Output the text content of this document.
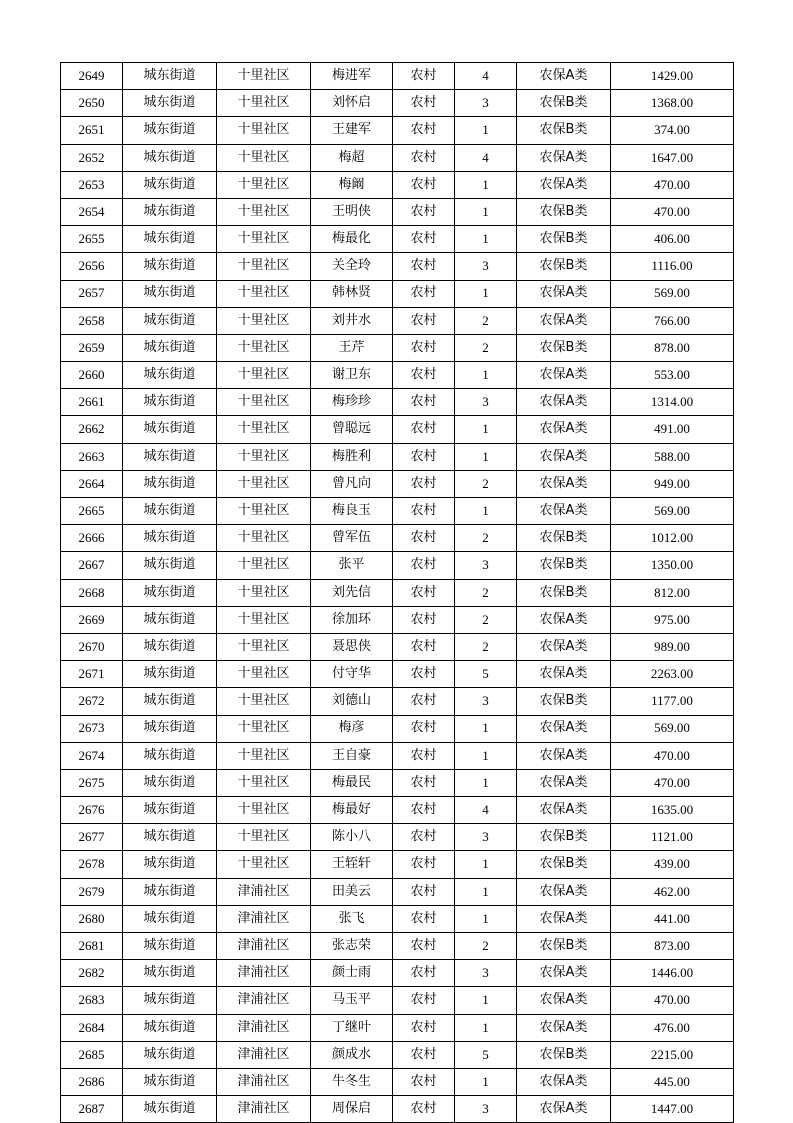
2649	城东街道	十里社区	梅进军	农村	4	农保A类	1429.00
2650	城东街道	十里社区	刘怀启	农村	3	农保B类	1368.00
2651	城东街道	十里社区	王建军	农村	1	农保B类	374.00
2652	城东街道	十里社区	梅超	农村	4	农保A类	1647.00
2653	城东街道	十里社区	梅阚	农村	1	农保A类	470.00
2654	城东街道	十里社区	王明侠	农村	1	农保B类	470.00
2655	城东街道	十里社区	梅最化	农村	1	农保B类	406.00
2656	城东街道	十里社区	关全玲	农村	3	农保B类	1116.00
2657	城东街道	十里社区	韩林贤	农村	1	农保A类	569.00
2658	城东街道	十里社区	刘井水	农村	2	农保A类	766.00
2659	城东街道	十里社区	王芹	农村	2	农保B类	878.00
2660	城东街道	十里社区	谢卫东	农村	1	农保A类	553.00
2661	城东街道	十里社区	梅珍珍	农村	3	农保A类	1314.00
2662	城东街道	十里社区	曾聪远	农村	1	农保A类	491.00
2663	城东街道	十里社区	梅胜利	农村	1	农保A类	588.00
2664	城东街道	十里社区	曾凡向	农村	2	农保A类	949.00
2665	城东街道	十里社区	梅良玉	农村	1	农保A类	569.00
2666	城东街道	十里社区	曾军伍	农村	2	农保B类	1012.00
2667	城东街道	十里社区	张平	农村	3	农保B类	1350.00
2668	城东街道	十里社区	刘先信	农村	2	农保B类	812.00
2669	城东街道	十里社区	徐加环	农村	2	农保A类	975.00
2670	城东街道	十里社区	聂思侠	农村	2	农保A类	989.00
2671	城东街道	十里社区	付守华	农村	5	农保A类	2263.00
2672	城东街道	十里社区	刘德山	农村	3	农保B类	1177.00
2673	城东街道	十里社区	梅彦	农村	1	农保A类	569.00
2674	城东街道	十里社区	王自豪	农村	1	农保A类	470.00
2675	城东街道	十里社区	梅最民	农村	1	农保A类	470.00
2676	城东街道	十里社区	梅最好	农村	4	农保A类	1635.00
2677	城东街道	十里社区	陈小八	农村	3	农保B类	1121.00
2678	城东街道	十里社区	王轾轩	农村	1	农保B类	439.00
2679	城东街道	津浦社区	田美云	农村	1	农保A类	462.00
2680	城东街道	津浦社区	张飞	农村	1	农保A类	441.00
2681	城东街道	津浦社区	张志荣	农村	2	农保B类	873.00
2682	城东街道	津浦社区	颜士雨	农村	3	农保A类	1446.00
2683	城东街道	津浦社区	马玉平	农村	1	农保A类	470.00
2684	城东街道	津浦社区	丁继叶	农村	1	农保A类	476.00
2685	城东街道	津浦社区	颜成水	农村	5	农保B类	2215.00
2686	城东街道	津浦社区	牛冬生	农村	1	农保A类	445.00
2687	城东街道	津浦社区	周保启	农村	3	农保A类	1447.00
